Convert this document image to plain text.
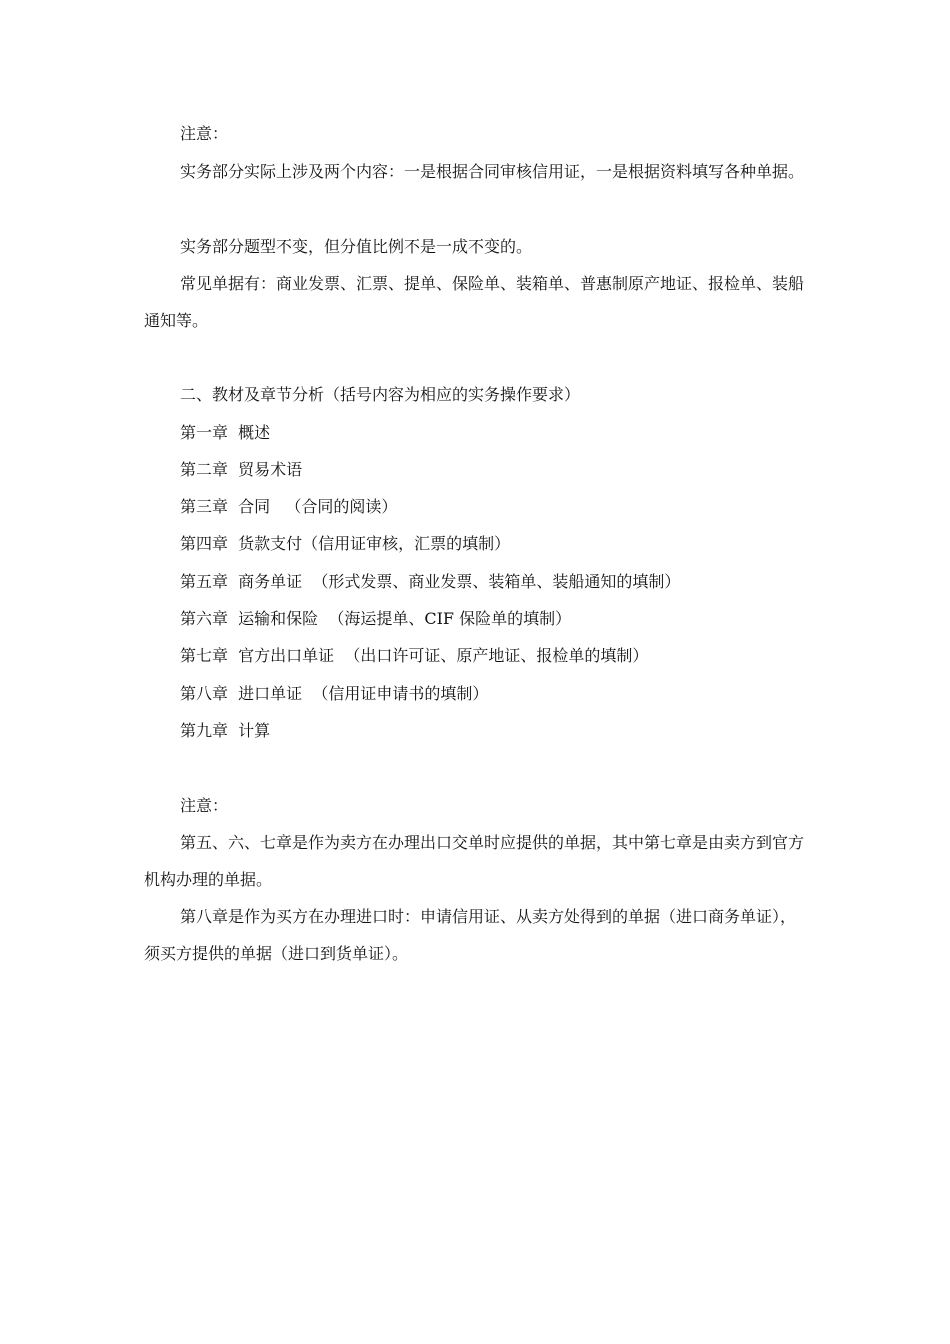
注意：

实务部分实际上涉及两个内容：一是根据合同审核信用证，一是根据资料填写各种单据。

实务部分题型不变，但分值比例不是一成不变的。

常见单据有：商业发票、汇票、提单、保险单、装箱单、普惠制原产地证、报检单、装船通知等。

二、教材及章节分析（括号内容为相应的实务操作要求）

第一章  概述

第二章  贸易术语

第三章  合同   （合同的阅读）

第四章  货款支付（信用证审核，汇票的填制）

第五章  商务单证  （形式发票、商业发票、装箱单、装船通知的填制）

第六章  运输和保险  （海运提单、CIF 保险单的填制）

第七章  官方出口单证  （出口许可证、原产地证、报检单的填制）

第八章  进口单证  （信用证申请书的填制）

第九章  计算

注意：

第五、六、七章是作为卖方在办理出口交单时应提供的单据，其中第七章是由卖方到官方机构办理的单据。

第八章是作为买方在办理进口时：申请信用证、从卖方处得到的单据（进口商务单证），须买方提供的单据（进口到货单证）。
